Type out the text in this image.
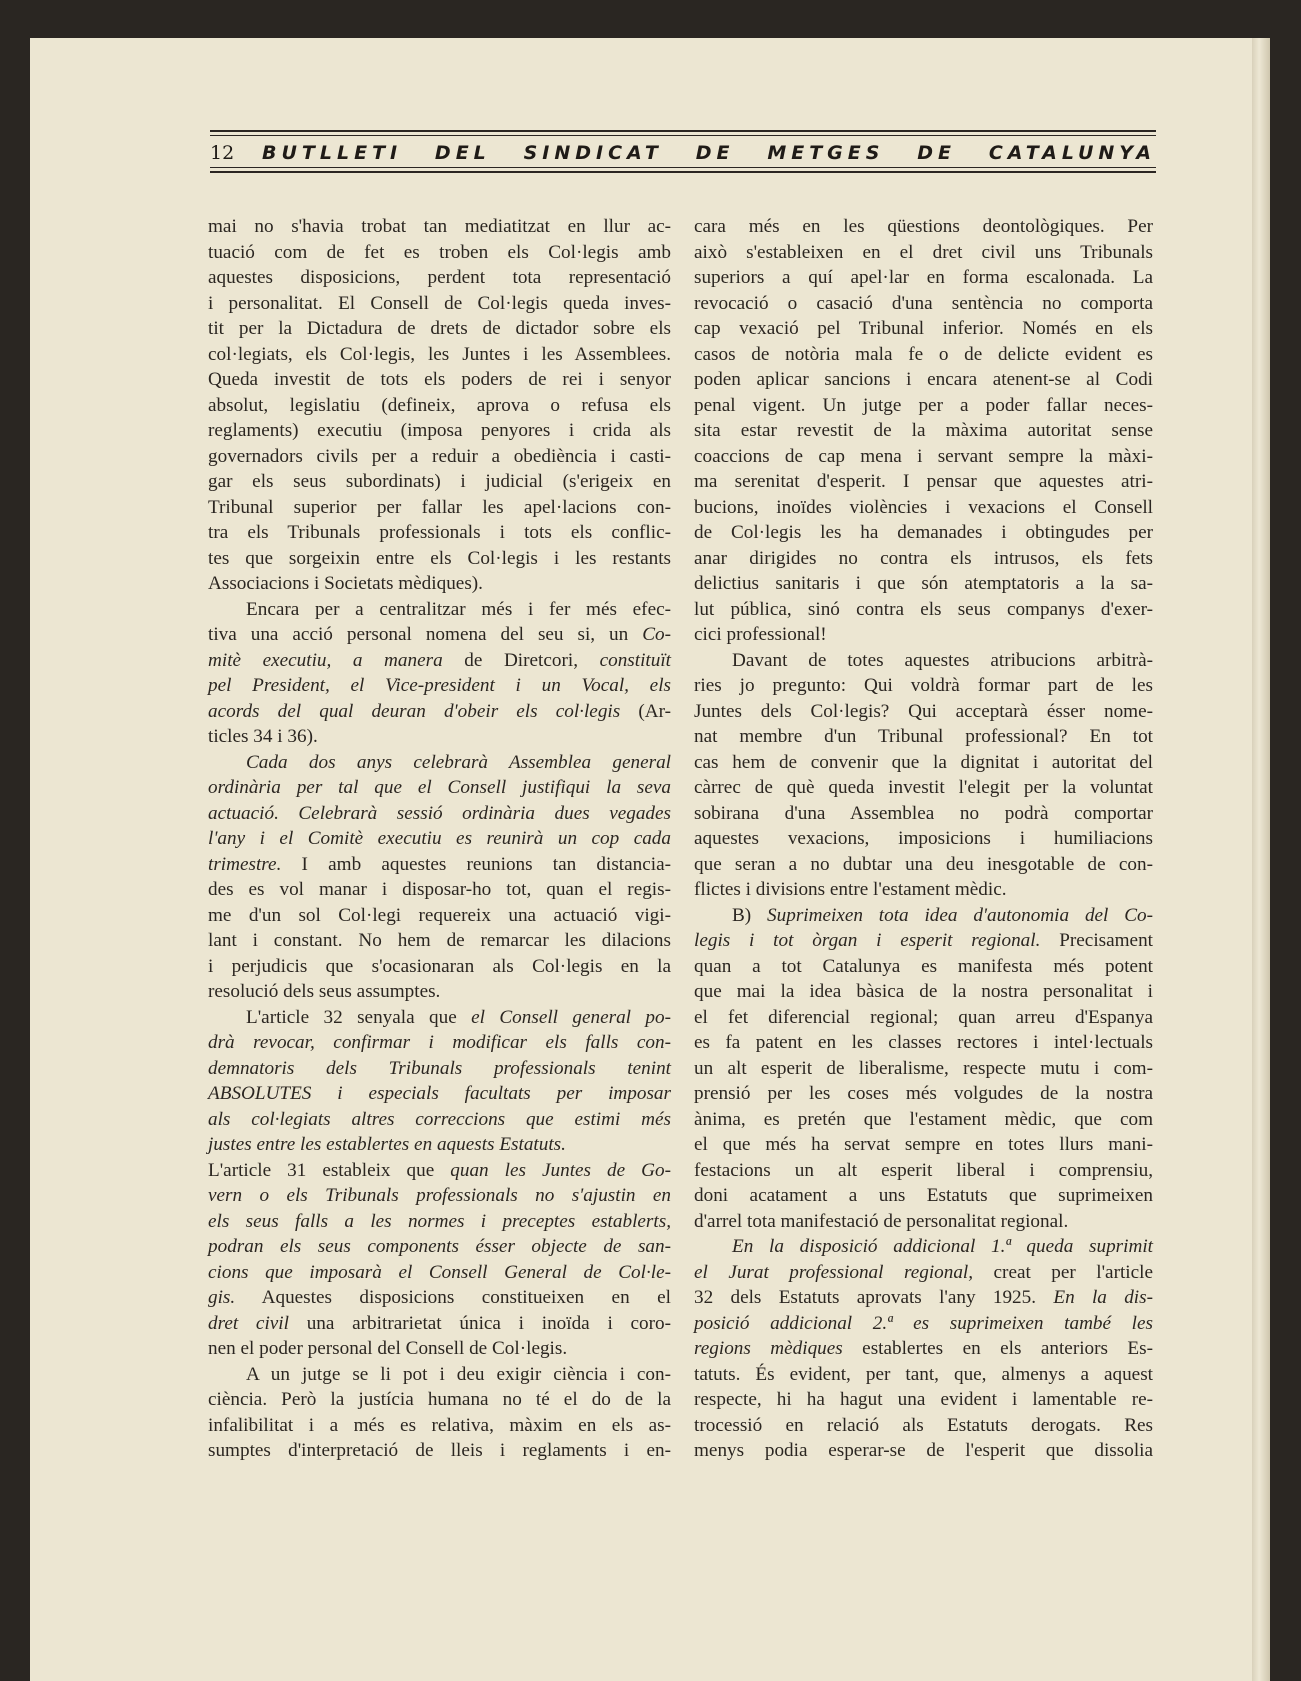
12	BUTLLETI DEL SINDICAT DE METGES DE CATALUNYA
mai no s'havia trobat tan mediatitzat en llur ac-
tuació com de fet es troben els Col·legis amb
aquestes disposicions, perdent tota representació
i personalitat. El Consell de Col·legis queda inves-
tit per la Dictadura de drets de dictador sobre els
col·legiats, els Col·legis, les Juntes i les Assemblees.
Queda investit de tots els poders de rei i senyor
absolut, legislatiu (defineix, aprova o refusa els
reglaments) executiu (imposa penyores i crida als
governadors civils per a reduir a obediència i casti-
gar els seus subordinats) i judicial (s'erigeix en
Tribunal superior per fallar les apel·lacions con-
tra els Tribunals professionals i tots els conflic-
tes que sorgeixin entre els Col·legis i les restants
Associacions i Societats mèdiques).
Encara per a centralitzar més i fer més efec-
tiva una acció personal nomena del seu si, un Co-
mitè executiu, a manera de Diretcori, constituït
pel President, el Vice-president i un Vocal, els
acords del qual deuran d'obeir els col·legis (Ar-
ticles 34 i 36).
Cada dos anys celebrarà Assemblea general
ordinària per tal que el Consell justifiqui la seva
actuació. Celebrarà sessió ordinària dues vegades
l'any i el Comitè executiu es reunirà un cop cada
trimestre. I amb aquestes reunions tan distancia-
des es vol manar i disposar-ho tot, quan el regis-
me d'un sol Col·legi requereix una actuació vigi-
lant i constant. No hem de remarcar les dilacions
i perjudicis que s'ocasionaran als Col·legis en la
resolució dels seus assumptes.
L'article 32 senyala que el Consell general po-
drà revocar, confirmar i modificar els falls con-
demnatoris dels Tribunals professionals tenint
ABSOLUTES i especials facultats per imposar
als col·legiats altres correccions que estimi més
justes entre les establertes en aquests Estatuts.
L'article 31 estableix que quan les Juntes de Go-
vern o els Tribunals professionals no s'ajustin en
els seus falls a les normes i preceptes establerts,
podran els seus components ésser objecte de san-
cions que imposarà el Consell General de Col·le-
gis. Aquestes disposicions constitueixen en el
dret civil una arbitrarietat única i inoïda i coro-
nen el poder personal del Consell de Col·legis.
A un jutge se li pot i deu exigir ciència i con-
ciència. Però la justícia humana no té el do de la
infalibilitat i a més es relativa, màxim en els as-
sumptes d'interpretació de lleis i reglaments i en-
cara més en les qüestions deontològiques. Per
això s'estableixen en el dret civil uns Tribunals
superiors a quí apel·lar en forma escalonada. La
revocació o casació d'una sentència no comporta
cap vexació pel Tribunal inferior. Només en els
casos de notòria mala fe o de delicte evident es
poden aplicar sancions i encara atenent-se al Codi
penal vigent. Un jutge per a poder fallar neces-
sita estar revestit de la màxima autoritat sense
coaccions de cap mena i servant sempre la màxi-
ma serenitat d'esperit. I pensar que aquestes atri-
bucions, inoïdes violències i vexacions el Consell
de Col·legis les ha demanades i obtingudes per
anar dirigides no contra els intrusos, els fets
delictius sanitaris i que són atemptatoris a la sa-
lut pública, sinó contra els seus companys d'exer-
cici professional!
Davant de totes aquestes atribucions arbitrà-
ries jo pregunto: Qui voldrà formar part de les
Juntes dels Col·legis? Qui acceptarà ésser nome-
nat membre d'un Tribunal professional? En tot
cas hem de convenir que la dignitat i autoritat del
càrrec de què queda investit l'elegit per la voluntat
sobirana d'una Assemblea no podrà comportar
aquestes vexacions, imposicions i humiliacions
que seran a no dubtar una deu inesgotable de con-
flictes i divisions entre l'estament mèdic.
B) Suprimeixen tota idea d'autonomia del Co-
legis i tot òrgan i esperit regional. Precisament
quan a tot Catalunya es manifesta més potent
que mai la idea bàsica de la nostra personalitat i
el fet diferencial regional; quan arreu d'Espanya
es fa patent en les classes rectores i intel·lectuals
un alt esperit de liberalisme, respecte mutu i com-
prensió per les coses més volgudes de la nostra
ànima, es pretén que l'estament mèdic, que com
el que més ha servat sempre en totes llurs mani-
festacions un alt esperit liberal i comprensiu,
doni acatament a uns Estatuts que suprimeixen
d'arrel tota manifestació de personalitat regional.
En la disposició addicional 1.ª queda suprimit
el Jurat professional regional, creat per l'article
32 dels Estatuts aprovats l'any 1925. En la dis-
posició addicional 2.ª es suprimeixen també les
regions mèdiques establertes en els anteriors Es-
tatuts. És evident, per tant, que, almenys a aquest
respecte, hi ha hagut una evident i lamentable re-
trocessió en relació als Estatuts derogats. Res
menys podia esperar-se de l'esperit que dissolia
